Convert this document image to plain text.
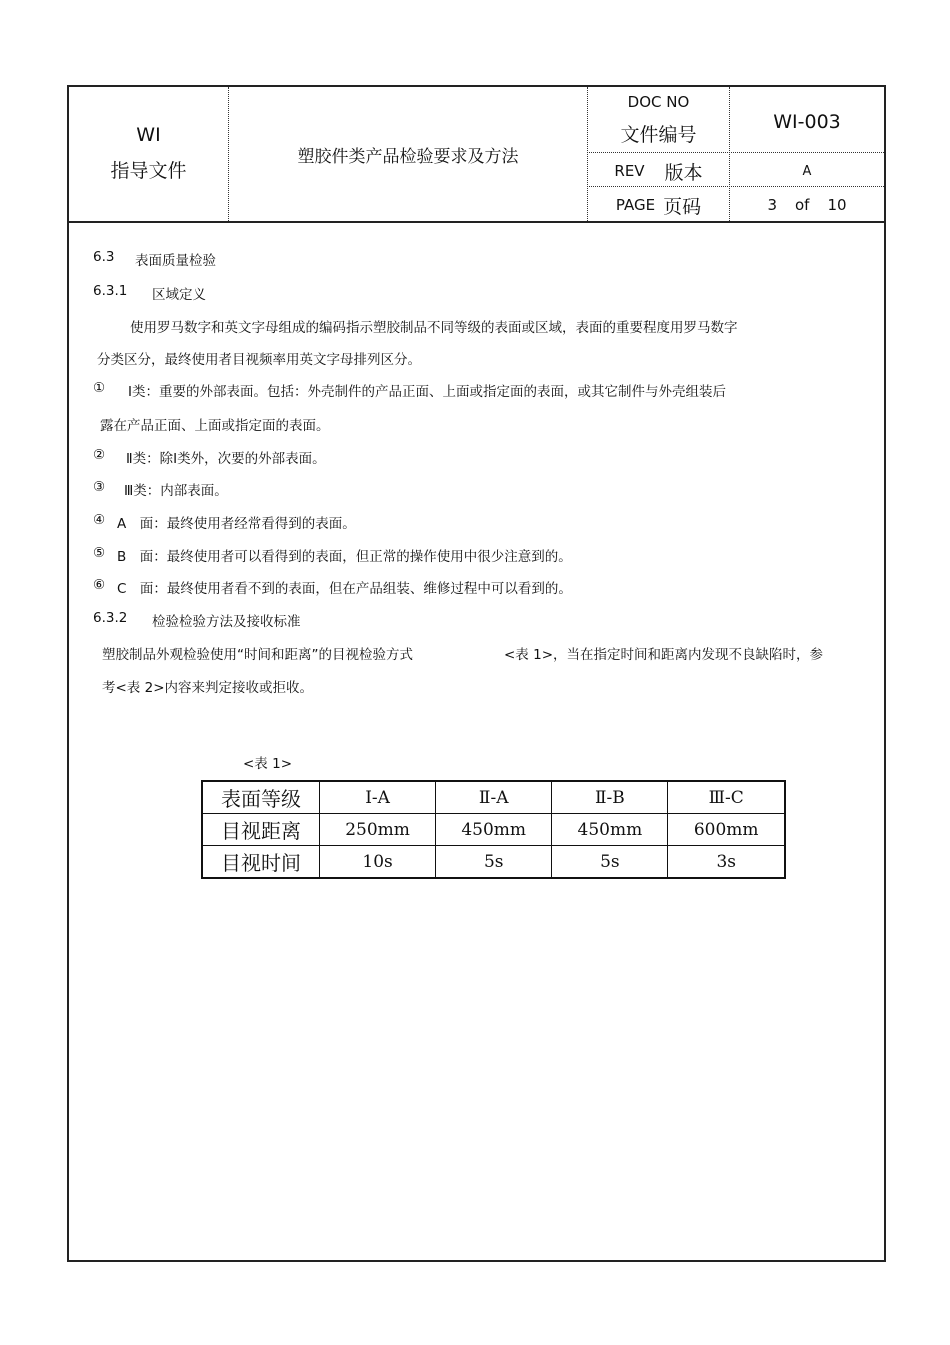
WI
指导文件
塑胶件类产品检验要求及方法
DOC NO
文件编号
WI-003
REV 版本	A
PAGE 页码	3 of 10
6.3 表面质量检验
6.3.1 区域定义
使用罗马数字和英文字母组成的编码指示塑胶制品不同等级的表面或区域，表面的重要程度用罗马数字
分类区分，最终使用者目视频率用英文字母排列区分。
① Ⅰ类：重要的外部表面。包括：外壳制件的产品正面、上面或指定面的表面，或其它制件与外壳组装后
露在产品正面、上面或指定面的表面。
② Ⅱ类：除Ⅰ类外，次要的外部表面。
③ Ⅲ类：内部表面。
④ A　面：最终使用者经常看得到的表面。
⑤ B　面：最终使用者可以看得到的表面，但正常的操作使用中很少注意到的。
⑥ C　面：最终使用者看不到的表面，但在产品组装、维修过程中可以看到的。
6.3.2 检验检验方法及接收标准
塑胶制品外观检验使用“时间和距离”的目视检验方式	<表 1>，当在指定时间和距离内发现不良缺陷时，参
考<表 2>内容来判定接收或拒收。
<表 1>
表面等级	Ⅰ-A	Ⅱ-A	Ⅱ-B	Ⅲ-C
目视距离	250mm	450mm	450mm	600mm
目视时间	10s	5s	5s	3s
